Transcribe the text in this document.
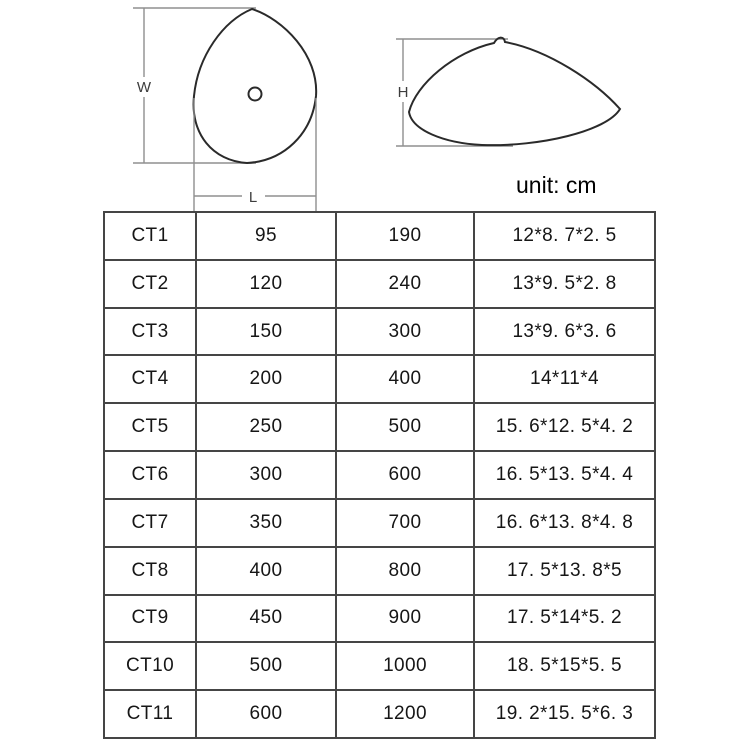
W
L
H
unit: cm
CT1	95	190	12*8. 7*2. 5
CT2	120	240	13*9. 5*2. 8
CT3	150	300	13*9. 6*3. 6
CT4	200	400	14*11*4
CT5	250	500	15. 6*12. 5*4. 2
CT6	300	600	16. 5*13. 5*4. 4
CT7	350	700	16. 6*13. 8*4. 8
CT8	400	800	17. 5*13. 8*5
CT9	450	900	17. 5*14*5. 2
CT10	500	1000	18. 5*15*5. 5
CT11	600	1200	19. 2*15. 5*6. 3
